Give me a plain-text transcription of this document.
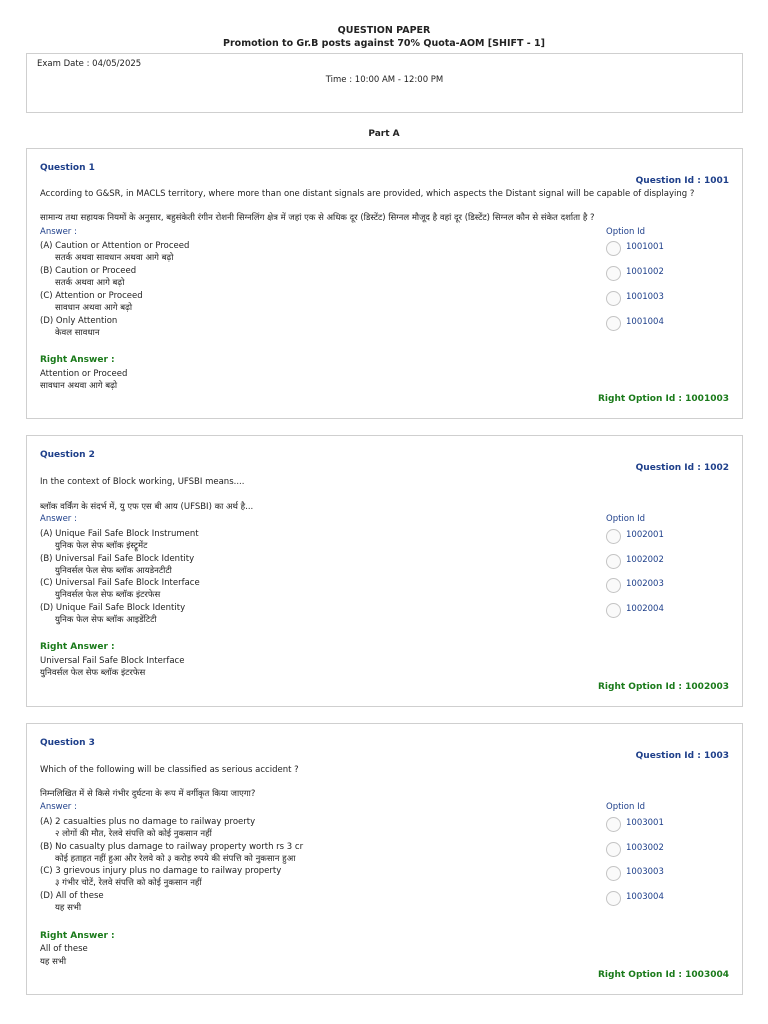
QUESTION PAPER
Promotion to Gr.B posts against 70% Quota-AOM [SHIFT - 1]
Exam Date : 04/05/2025
Time : 10:00 AM - 12:00 PM
Part A
Question 1
Question Id : 1001
According to G&SR, in MACLS territory, where more than one distant signals are provided, which aspects the Distant signal will be capable of displaying ?
सामान्य तथा सहायक नियमों के अनुसार, बहुसंकेती रंगीन रोशनी सिग्नलिंग क्षेत्र में जहां एक से अधिक दूर (डिस्टेंट) सिग्नल मौजूद है वहां दूर (डिस्टेंट) सिग्नल कौन से संकेत दर्शाता है ?
Answer :	Option Id
(A) Caution or Attention or Proceed
सतर्क अथवा सावधान अथवा आगे बढ़ो
1001001
(B) Caution or Proceed
सतर्क अथवा आगे बढ़ो
1001002
(C) Attention or Proceed
सावधान अथवा आगे बढ़ो
1001003
(D) Only Attention
केवल सावधान
1001004
Right Answer :
Attention or Proceed
सावधान अथवा आगे बढ़ो
Right Option Id : 1001003
Question 2
Question Id : 1002
In the context of Block working, UFSBI means....
ब्लॉक वर्किंग के संदर्भ में, यु एफ एस बी आय (UFSBI) का अर्थ है...
Answer :	Option Id
(A) Unique Fail Safe Block Instrument
युनिक फेल सेफ ब्लॉक इंस्ट्रूमेंट
1002001
(B) Universal Fail Safe Block Identity
युनिवर्सल फेल सेफ ब्लॉक आयडेनटीटी
1002002
(C) Universal Fail Safe Block Interface
युनिवर्सल फेल सेफ ब्लॉक इंटरफेस
1002003
(D) Unique Fail Safe Block Identity
युनिक फेल सेफ ब्लॉक आइडेंटिटी
1002004
Right Answer :
Universal Fail Safe Block Interface
युनिवर्सल फेल सेफ ब्लॉक इंटरफेस
Right Option Id : 1002003
Question 3
Question Id : 1003
Which of the following will be classified as serious accident ?
निम्नलिखित में से किसे गंभीर दुर्घटना के रूप में वर्गीकृत किया जाएगा?
Answer :	Option Id
(A) 2 casualties plus no damage to railway proerty
२ लोगों की मौत, रेलवे संपत्ति को कोई नुकसान नहीं
1003001
(B) No casualty plus damage to railway property worth rs 3 cr
कोई हताहत नहीं हुआ और रेलवे को ३ करोड़ रुपये की संपत्ति को नुकसान हुआ
1003002
(C) 3 grievous injury plus no damage to railway property
३ गंभीर चोटें, रेलवे संपत्ति को कोई नुकसान नहीं
1003003
(D) All of these
यह सभी
1003004
Right Answer :
All of these
यह सभी
Right Option Id : 1003004
